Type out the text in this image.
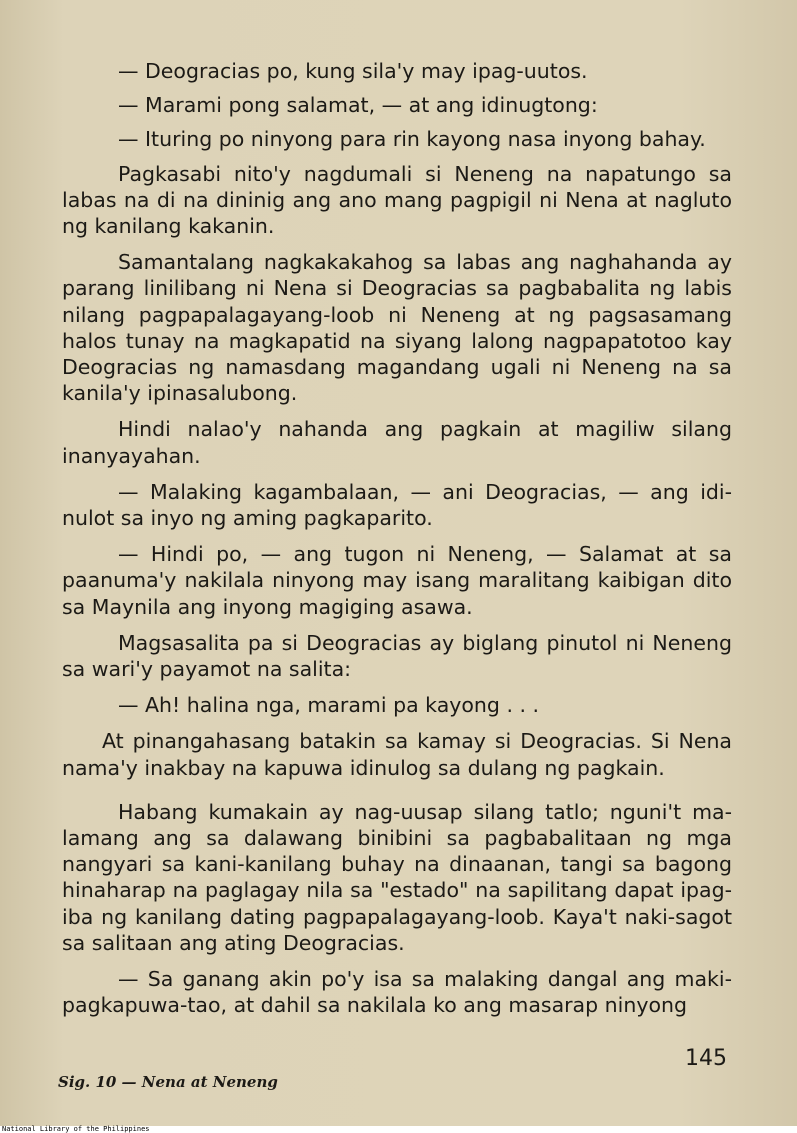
— Deogracias po, kung sila'y may ipag-uutos.

— Marami pong salamat, — at ang idinugtong:

— Ituring po ninyong para rin kayong nasa inyong bahay.

Pagkasabi nito'y nagdumali si Neneng na napatungo sa labas na di na dininig ang ano mang pagpigil ni Nena at nagluto ng kanilang kakanin.

Samantalang nagkakakahog sa labas ang naghahanda ay parang linilibang ni Nena si Deogracias sa pagbabalita ng labis nilang pagpapalagayang-loob ni Neneng at ng pagsasamang halos tunay na magkapatid na siyang lalong nagpapatotoo kay Deogracias ng namasdang magandang ugali ni Neneng na sa kanila'y ipinasalubong.

Hindi nalao'y nahanda ang pagkain at magiliw silang inanyayahan.

— Malaking kagambalaan, — ani Deogracias, — ang idi-nulot sa inyo ng aming pagkaparito.

— Hindi po, — ang tugon ni Neneng, — Salamat at sa paanuma'y nakilala ninyong may isang maralitang kaibigan dito sa Maynila ang inyong magiging asawa.

Magsasalita pa si Deogracias ay biglang pinutol ni Neneng sa wari'y payamot na salita:

— Ah! halina nga, marami pa kayong . . .

At pinangahasang batakin sa kamay si Deogracias. Si Nena nama'y inakbay na kapuwa idinulog sa dulang ng pagkain.

Habang kumakain ay nag-uusap silang tatlo; nguni't ma-lamang ang sa dalawang binibini sa pagbabalitaan ng mga nangyari sa kani-kanilang buhay na dinaanan, tangi sa bagong hinaharap na paglagay nila sa "estado" na sapilitang dapat ipag-iba ng kanilang dating pagpapalagayang-loob. Kaya't naki-sagot sa salitaan ang ating Deogracias.

— Sa ganang akin po'y isa sa malaking dangal ang maki-pagkapuwa-tao, at dahil sa nakilala ko ang masarap ninyong

145
Sig. 10 — Nena at Neneng
National Library of the Philippines
